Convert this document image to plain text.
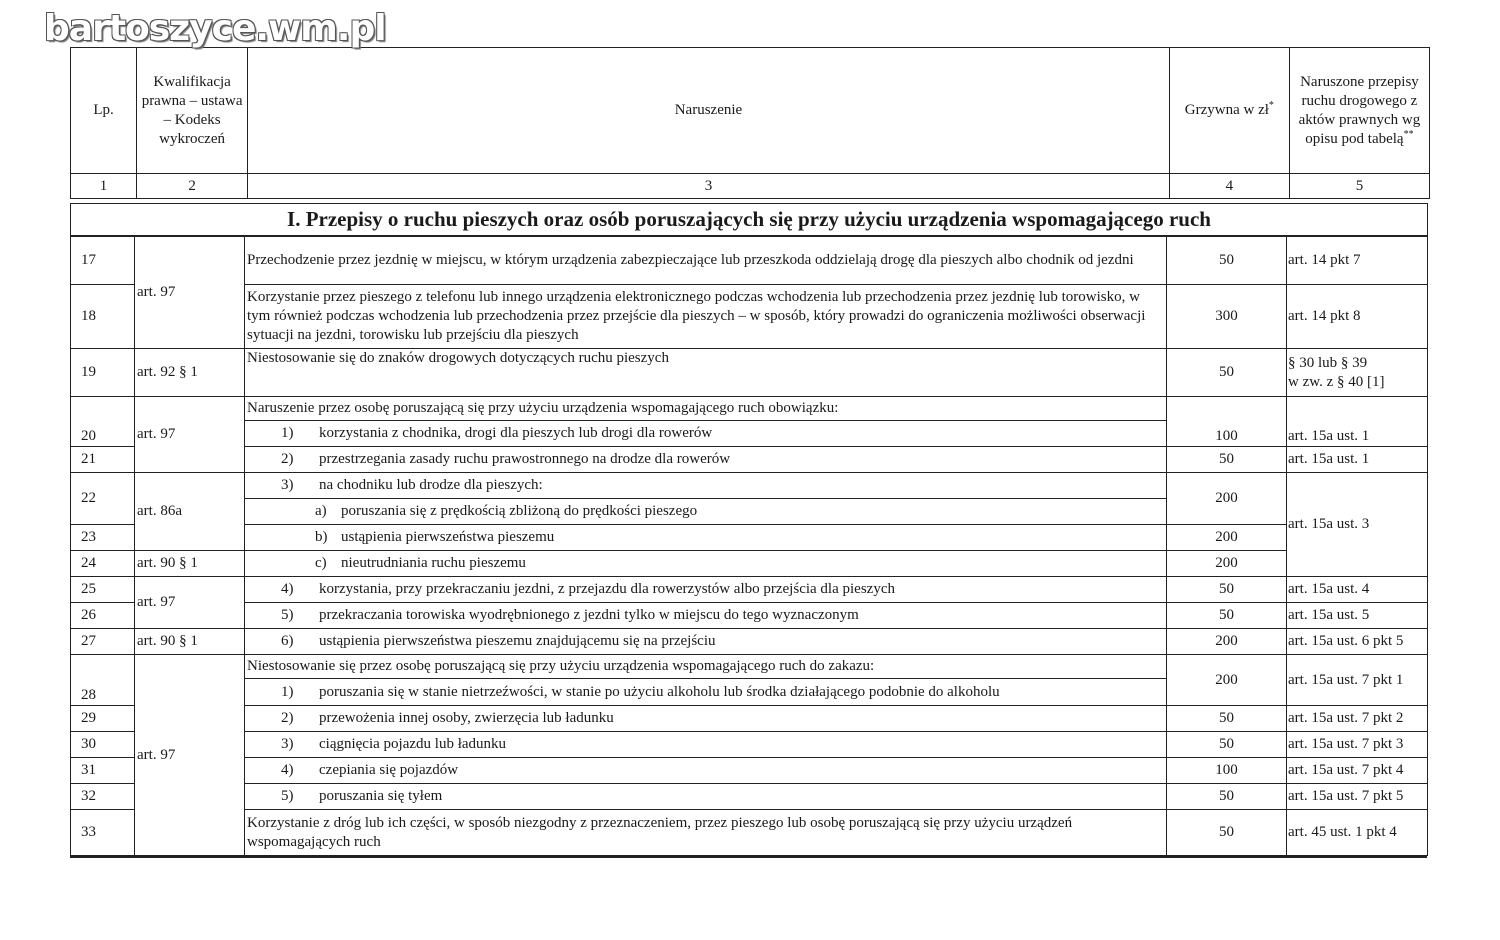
bartoszyce.wm.pl
Lp.	Kwalifikacja prawna – ustawa – Kodeks wykroczeń	Naruszenie	Grzywna w zł*	Naruszone przepisy ruchu drogowego z aktów prawnych wg opisu pod tabelą**
1	2	3	4	5
I. Przepisy o ruchu pieszych oraz osób poruszających się przy użyciu urządzenia wspomagającego ruch
17	art. 97	Przechodzenie przez jezdnię w miejscu, w którym urządzenia zabezpieczające lub przeszkoda oddzielają drogę dla pieszych albo chodnik od jezdni	50	art. 14 pkt 7
18		Korzystanie przez pieszego z telefonu lub innego urządzenia elektronicznego podczas wchodzenia lub przechodzenia przez jezdnię lub torowisko, w tym również podczas wchodzenia lub przechodzenia przez przejście dla pieszych – w sposób, który prowadzi do ograniczenia możliwości obserwacji sytuacji na jezdni, torowisku lub przejściu dla pieszych	300	art. 14 pkt 8
19	art. 92 § 1	Niestosowanie się do znaków drogowych dotyczących ruchu pieszych	50	§ 30 lub § 39
w zw. z § 40 [1]
20	art. 97	Naruszenie przez osobę poruszającą się przy użyciu urządzenia wspomagającego ruch obowiązku:	100	art. 15a ust. 1
		1) korzystania z chodnika, drogi dla pieszych lub drogi dla rowerów		
21		2) przestrzegania zasady ruchu prawostronnego na drodze dla rowerów	50	art. 15a ust. 1
22	art. 86a	3) na chodniku lub drodze dla pieszych:	200	art. 15a ust. 3
		a) poruszania się z prędkością zbliżoną do prędkości pieszego		
23		b) ustąpienia pierwszeństwa pieszemu	200	
24	art. 90 § 1	c) nieutrudniania ruchu pieszemu	200	
25	art. 97	4) korzystania, przy przekraczaniu jezdni, z przejazdu dla rowerzystów albo przejścia dla pieszych	50	art. 15a ust. 4
26		5) przekraczania torowiska wyodrębnionego z jezdni tylko w miejscu do tego wyznaczonym	50	art. 15a ust. 5
27	art. 90 § 1	6) ustąpienia pierwszeństwa pieszemu znajdującemu się na przejściu	200	art. 15a ust. 6 pkt 5
28	art. 97	Niestosowanie się przez osobę poruszającą się przy użyciu urządzenia wspomagającego ruch do zakazu:	200	art. 15a ust. 7 pkt 1
		1) poruszania się w stanie nietrzeźwości, w stanie po użyciu alkoholu lub środka działającego podobnie do alkoholu		
29		2) przewożenia innej osoby, zwierzęcia lub ładunku	50	art. 15a ust. 7 pkt 2
30		3) ciągnięcia pojazdu lub ładunku	50	art. 15a ust. 7 pkt 3
31		4) czepiania się pojazdów	100	art. 15a ust. 7 pkt 4
32		5) poruszania się tyłem	50	art. 15a ust. 7 pkt 5
33		Korzystanie z dróg lub ich części, w sposób niezgodny z przeznaczeniem, przez pieszego lub osobę poruszającą się przy użyciu urządzeń wspomagających ruch	50	art. 45 ust. 1 pkt 4
